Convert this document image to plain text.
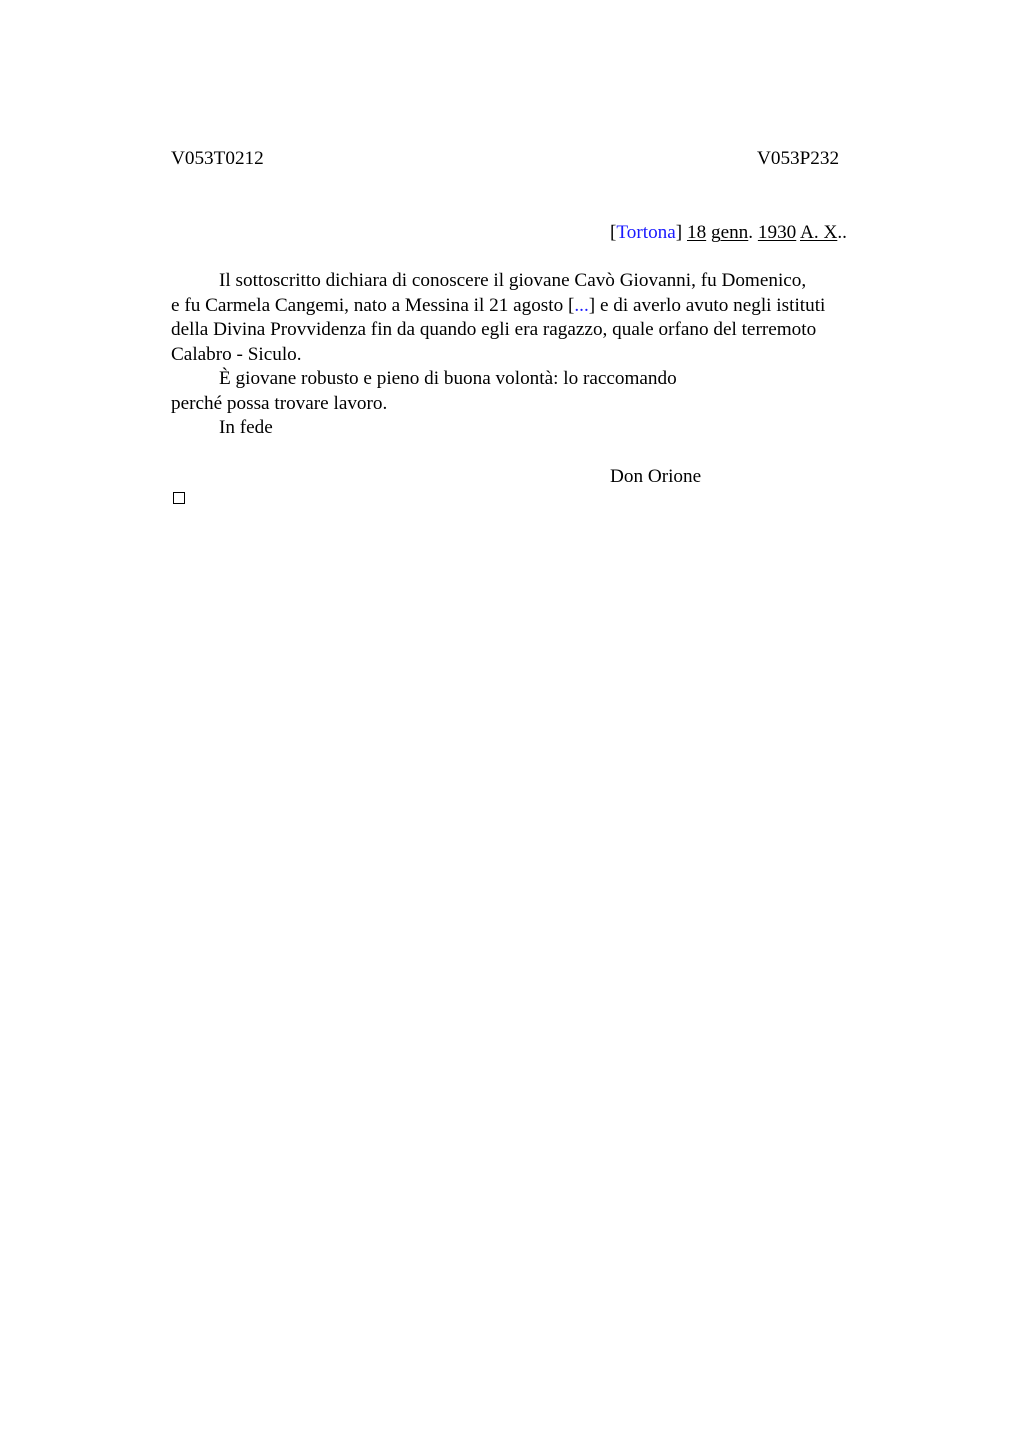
V053T0212	V053P232
[Tortona] 18 genn. 1930 A. X..
Il sottoscritto dichiara di conoscere il giovane Cavò Giovanni, fu Domenico,
e fu Carmela Cangemi, nato a Messina il 21 agosto [...] e di averlo avuto negli istituti
della Divina Provvidenza fin da quando egli era ragazzo, quale orfano del terremoto
Calabro - Siculo.
È giovane robusto e pieno di buona volontà: lo raccomando
perché possa trovare lavoro.
In fede
Don Orione
